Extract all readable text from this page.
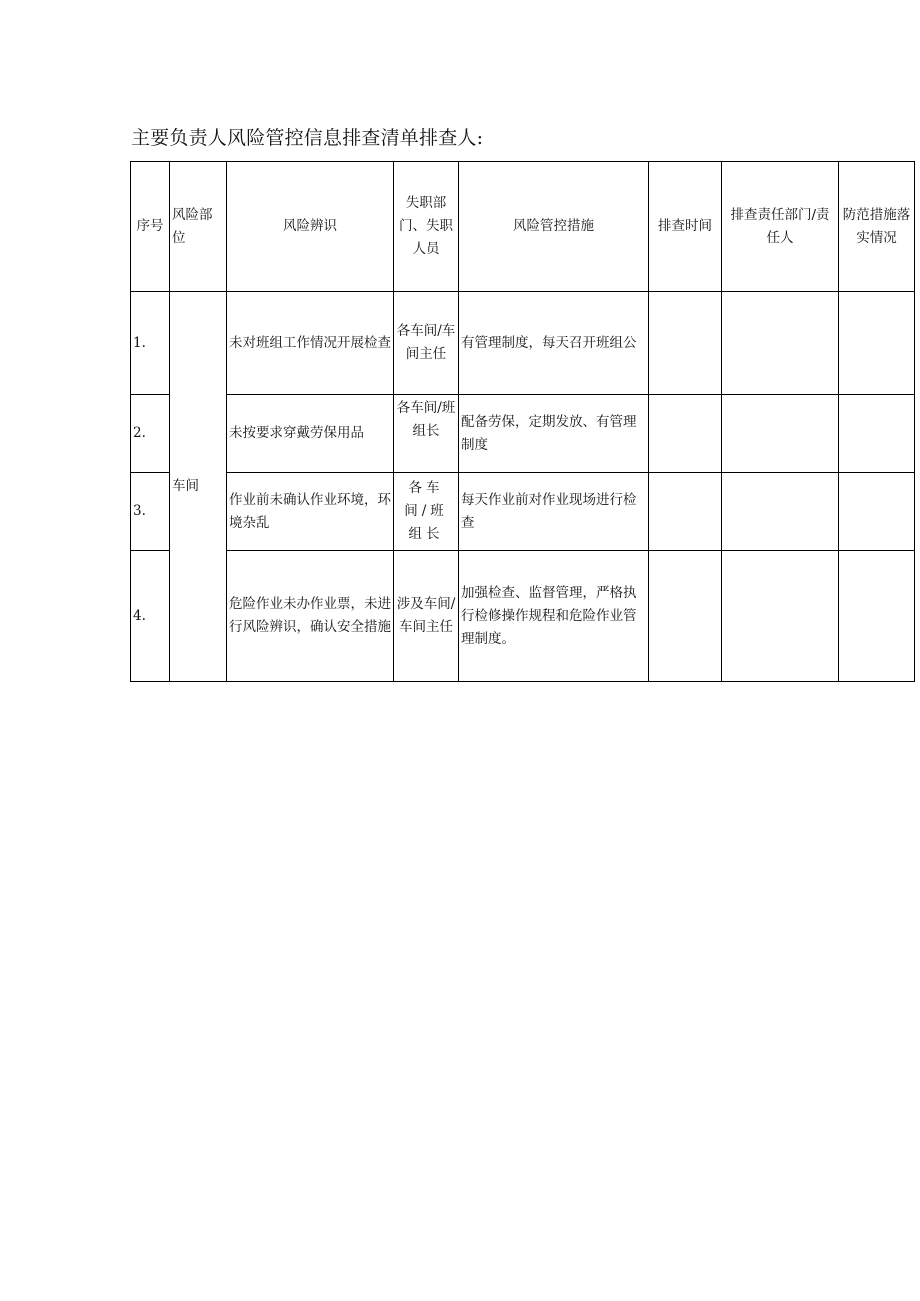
主要负责人风险管控信息排查清单排查人:
序号	风险部位	风险辨识	失职部门、失职人员	风险管控措施	排查时间	排查责任部门/责任人	防范措施落实情况
1.	车间	未对班组工作情况开展检查	各车间/车间主任	有管理制度，每天召开班组公			
2.		未按要求穿戴劳保用品	各车间/班组长	配备劳保，定期发放、有管理制度			
3.		作业前未确认作业环境，环境杂乱	各车间/班组长	每天作业前对作业现场进行检查			
4.		危险作业未办作业票，未进行风险辨识，确认安全措施	涉及车间/车间主任	加强检查、监督管理，严格执行检修操作规程和危险作业管理制度。			
